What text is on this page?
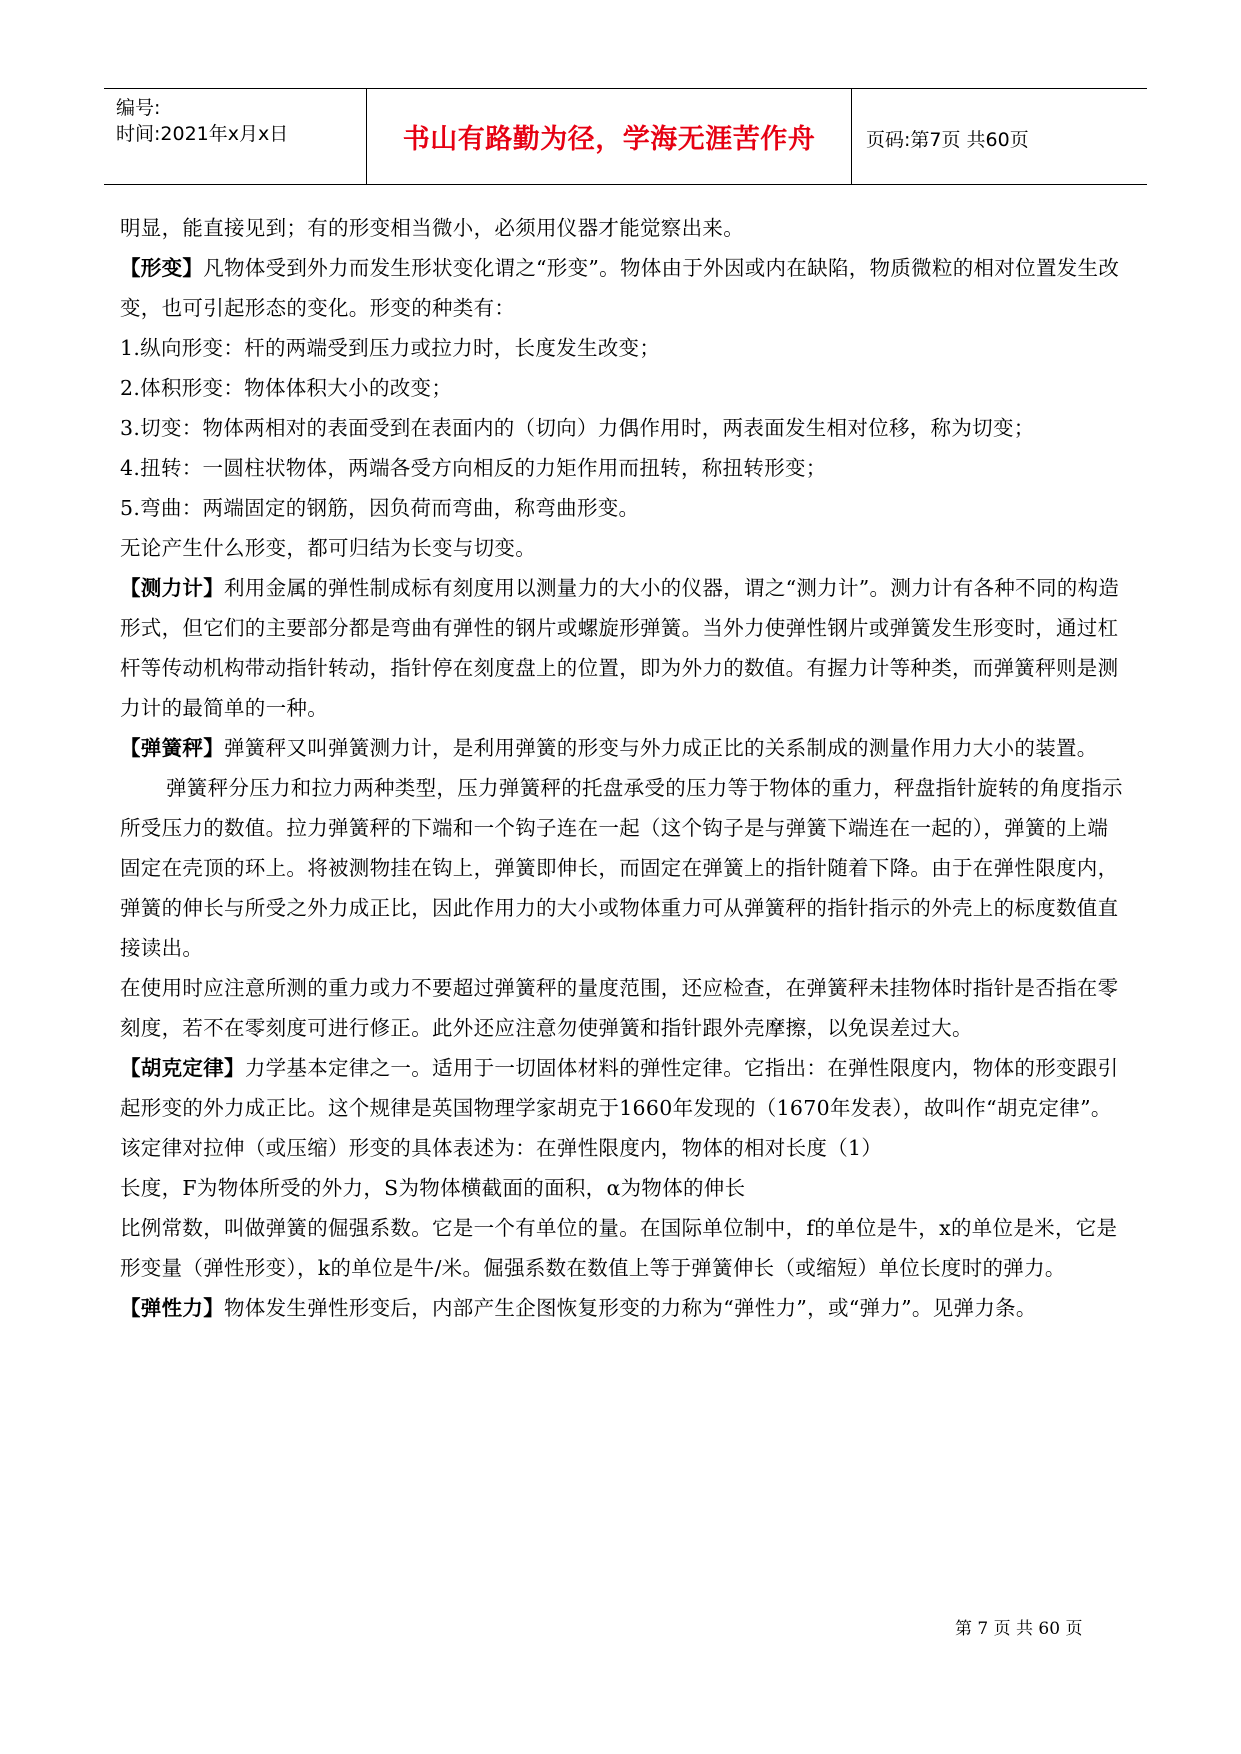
编号:
时间:2021年x月x日	书山有路勤为径，学海无涯苦作舟	页码:第7页 共60页

明显，能直接见到；有的形变相当微小，必须用仪器才能觉察出来。

【形变】凡物体受到外力而发生形状变化谓之“形变”。物体由于外因或内在缺陷，物质微粒的相对位置发生改变，也可引起形态的变化。形变的种类有：

1.纵向形变：杆的两端受到压力或拉力时，长度发生改变；

2.体积形变：物体体积大小的改变；

3.切变：物体两相对的表面受到在表面内的（切向）力偶作用时，两表面发生相对位移，称为切变；

4.扭转：一圆柱状物体，两端各受方向相反的力矩作用而扭转，称扭转形变；

5.弯曲：两端固定的钢筋，因负荷而弯曲，称弯曲形变。

无论产生什么形变，都可归结为长变与切变。

【测力计】利用金属的弹性制成标有刻度用以测量力的大小的仪器，谓之“测力计”。测力计有各种不同的构造形式，但它们的主要部分都是弯曲有弹性的钢片或螺旋形弹簧。当外力使弹性钢片或弹簧发生形变时，通过杠杆等传动机构带动指针转动，指针停在刻度盘上的位置，即为外力的数值。有握力计等种类，而弹簧秤则是测力计的最简单的一种。

【弹簧秤】弹簧秤又叫弹簧测力计，是利用弹簧的形变与外力成正比的关系制成的测量作用力大小的装置。

弹簧秤分压力和拉力两种类型，压力弹簧秤的托盘承受的压力等于物体的重力，秤盘指针旋转的角度指示所受压力的数值。拉力弹簧秤的下端和一个钩子连在一起（这个钩子是与弹簧下端连在一起的），弹簧的上端固定在壳顶的环上。将被测物挂在钩上，弹簧即伸长，而固定在弹簧上的指针随着下降。由于在弹性限度内，弹簧的伸长与所受之外力成正比，因此作用力的大小或物体重力可从弹簧秤的指针指示的外壳上的标度数值直接读出。

在使用时应注意所测的重力或力不要超过弹簧秤的量度范围，还应检查，在弹簧秤未挂物体时指针是否指在零刻度，若不在零刻度可进行修正。此外还应注意勿使弹簧和指针跟外壳摩擦，以免误差过大。

【胡克定律】力学基本定律之一。适用于一切固体材料的弹性定律。它指出：在弹性限度内，物体的形变跟引起形变的外力成正比。这个规律是英国物理学家胡克于1660年发现的（1670年发表），故叫作“胡克定律”。该定律对拉伸（或压缩）形变的具体表述为：在弹性限度内，物体的相对长度（1）

长度，F为物体所受的外力，S为物体横截面的面积，α为物体的伸长

比例常数，叫做弹簧的倔强系数。它是一个有单位的量。在国际单位制中，f的单位是牛，x的单位是米，它是形变量（弹性形变），k的单位是牛/米。倔强系数在数值上等于弹簧伸长（或缩短）单位长度时的弹力。

【弹性力】物体发生弹性形变后，内部产生企图恢复形变的力称为“弹性力”，或“弹力”。见弹力条。

第 7 页 共 60 页
